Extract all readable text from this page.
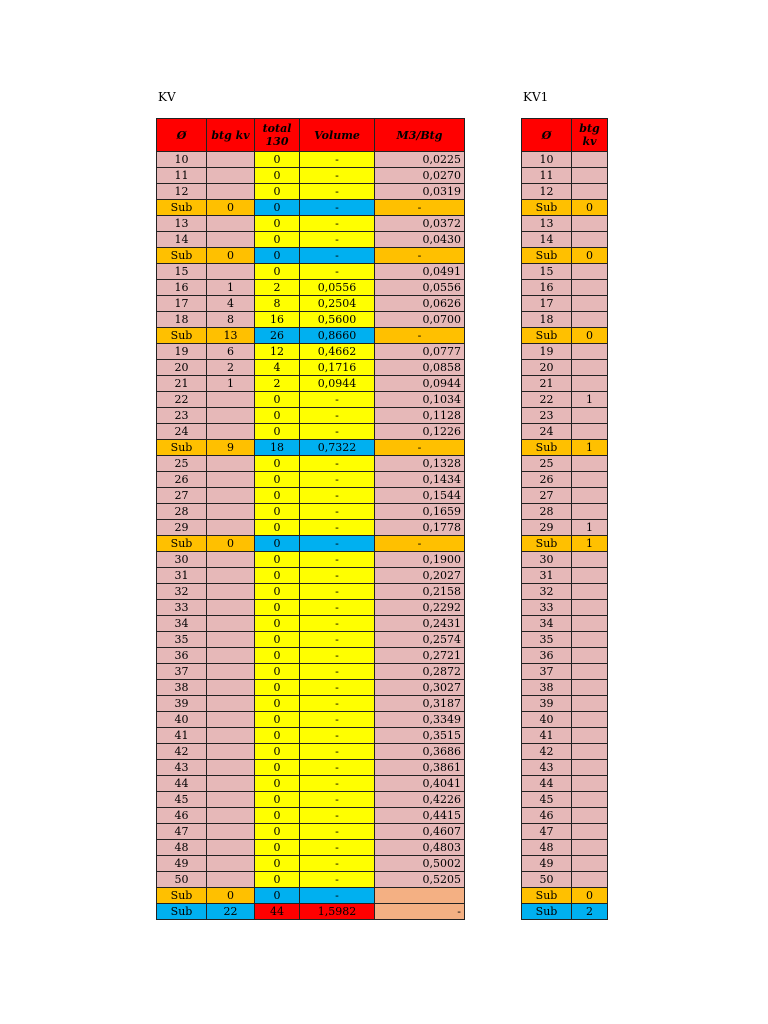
KV	KV1
Ø	btg kv	total 130	Volume	M3/Btg
10		0	-	0,0225
11		0	-	0,0270
12		0	-	0,0319
Sub	0	0	-	-
13		0	-	0,0372
14		0	-	0,0430
Sub	0	0	-	-
15		0	-	0,0491
16	1	2	0,0556	0,0556
17	4	8	0,2504	0,0626
18	8	16	0,5600	0,0700
Sub	13	26	0,8660	-
19	6	12	0,4662	0,0777
20	2	4	0,1716	0,0858
21	1	2	0,0944	0,0944
22		0	-	0,1034
23		0	-	0,1128
24		0	-	0,1226
Sub	9	18	0,7322	-
25		0	-	0,1328
26		0	-	0,1434
27		0	-	0,1544
28		0	-	0,1659
29		0	-	0,1778
Sub	0	0	-	-
30		0	-	0,1900
31		0	-	0,2027
32		0	-	0,2158
33		0	-	0,2292
34		0	-	0,2431
35		0	-	0,2574
36		0	-	0,2721
37		0	-	0,2872
38		0	-	0,3027
39		0	-	0,3187
40		0	-	0,3349
41		0	-	0,3515
42		0	-	0,3686
43		0	-	0,3861
44		0	-	0,4041
45		0	-	0,4226
46		0	-	0,4415
47		0	-	0,4607
48		0	-	0,4803
49		0	-	0,5002
50		0	-	0,5205
Sub	0	0	-	
Sub	22	44	1,5982	-
Ø	btg kv
10	
11	
12	
Sub	0
13	
14	
Sub	0
15	
16	
17	
18	
Sub	0
19	
20	
21	
22	1
23	
24	
Sub	1
25	
26	
27	
28	
29	1
Sub	1
30	
31	
32	
33	
34	
35	
36	
37	
38	
39	
40	
41	
42	
43	
44	
45	
46	
47	
48	
49	
50	
Sub	0
Sub	2
